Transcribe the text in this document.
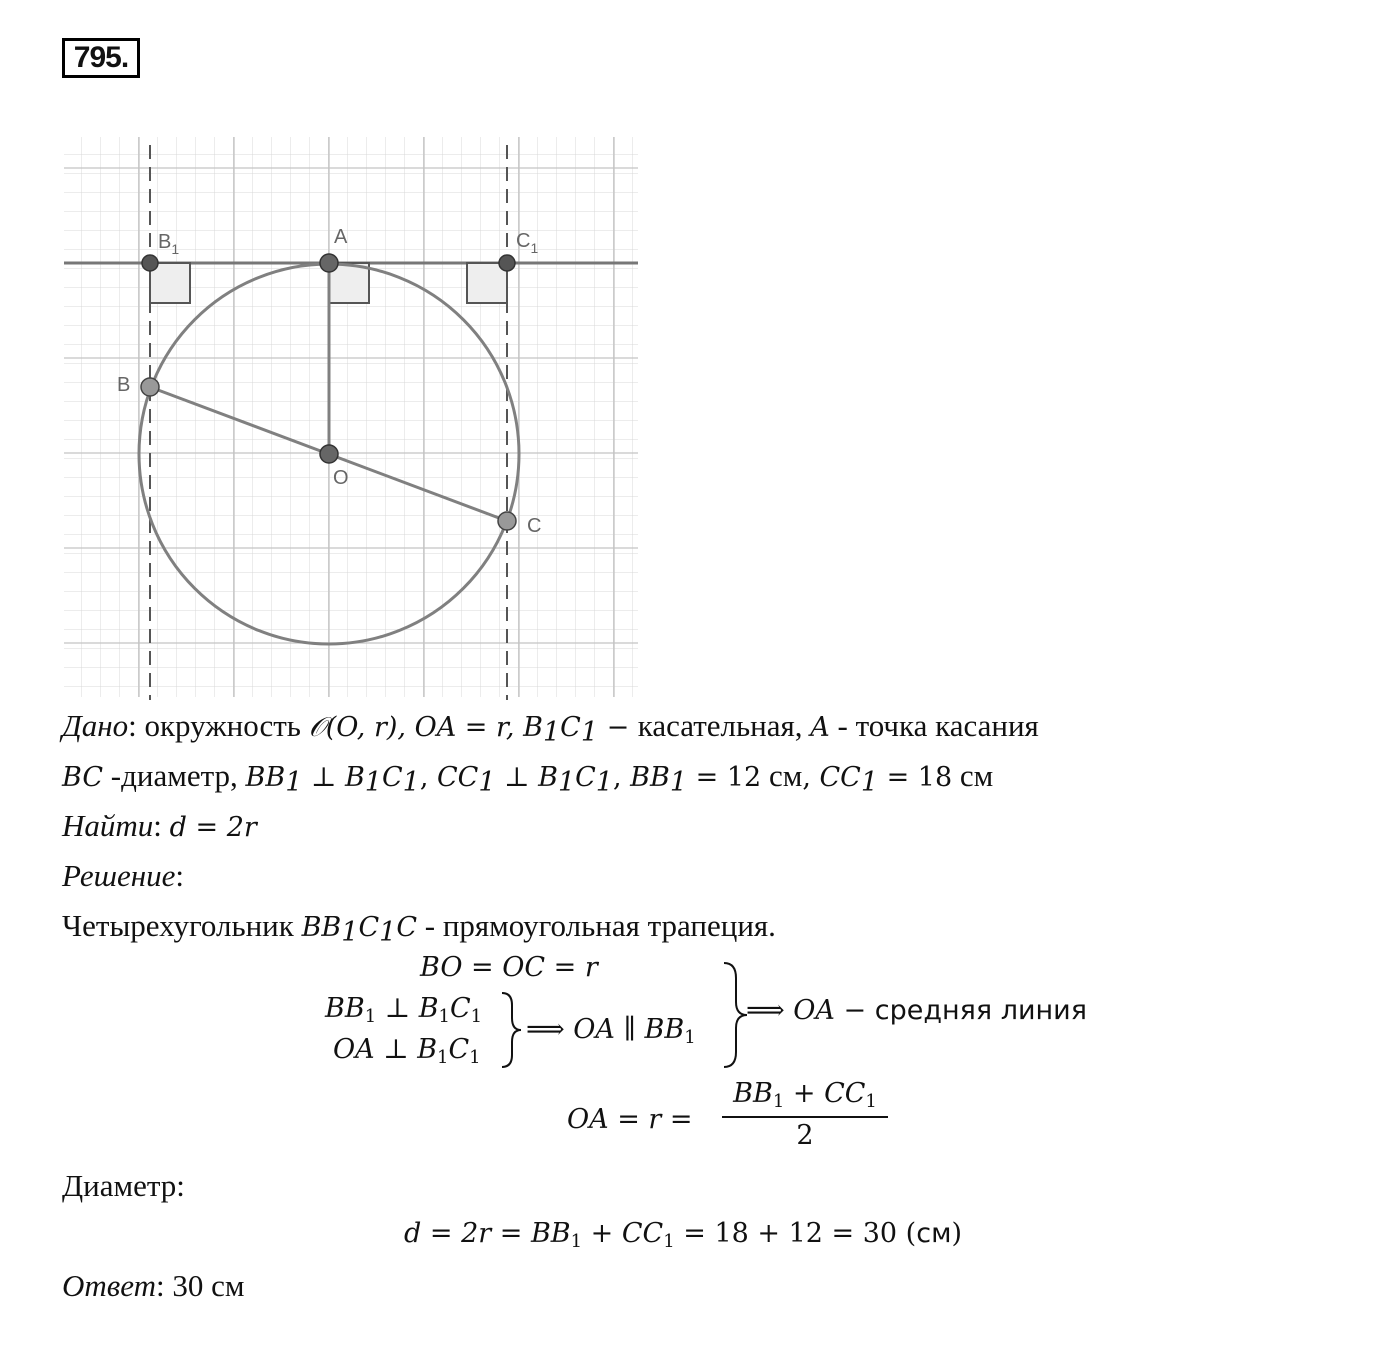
795.
$B_1$
A	$C_1$
B
O
C
Дано: окружность 𝒪(O, r), OA = r, $B_1C_1$ − касательная, A - точка касания
BC -диаметр, $BB_1$ ⊥ $B_1C_1$, $CC_1$ ⊥ $B_1C_1$, $BB_1 = 12$ см, $CC_1 = 18$ см
Найти: d = 2r
Решение:
Четырехугольник $BB_1C_1C$ - прямоугольная трапеция.
BO = OC = r
$BB_1$ ⊥ $B_1C_1$
OA ⊥ $B_1C_1$
⟹ OA ∥ $BB_1$
⟹ OA − средняя линия
OA = $r = \frac{BB_1 + CC_1}{2}$
Диаметр:
$d = 2r = BB_1 + CC_1 = 18 + 12 = 30$ (см)
Ответ: 30 см
